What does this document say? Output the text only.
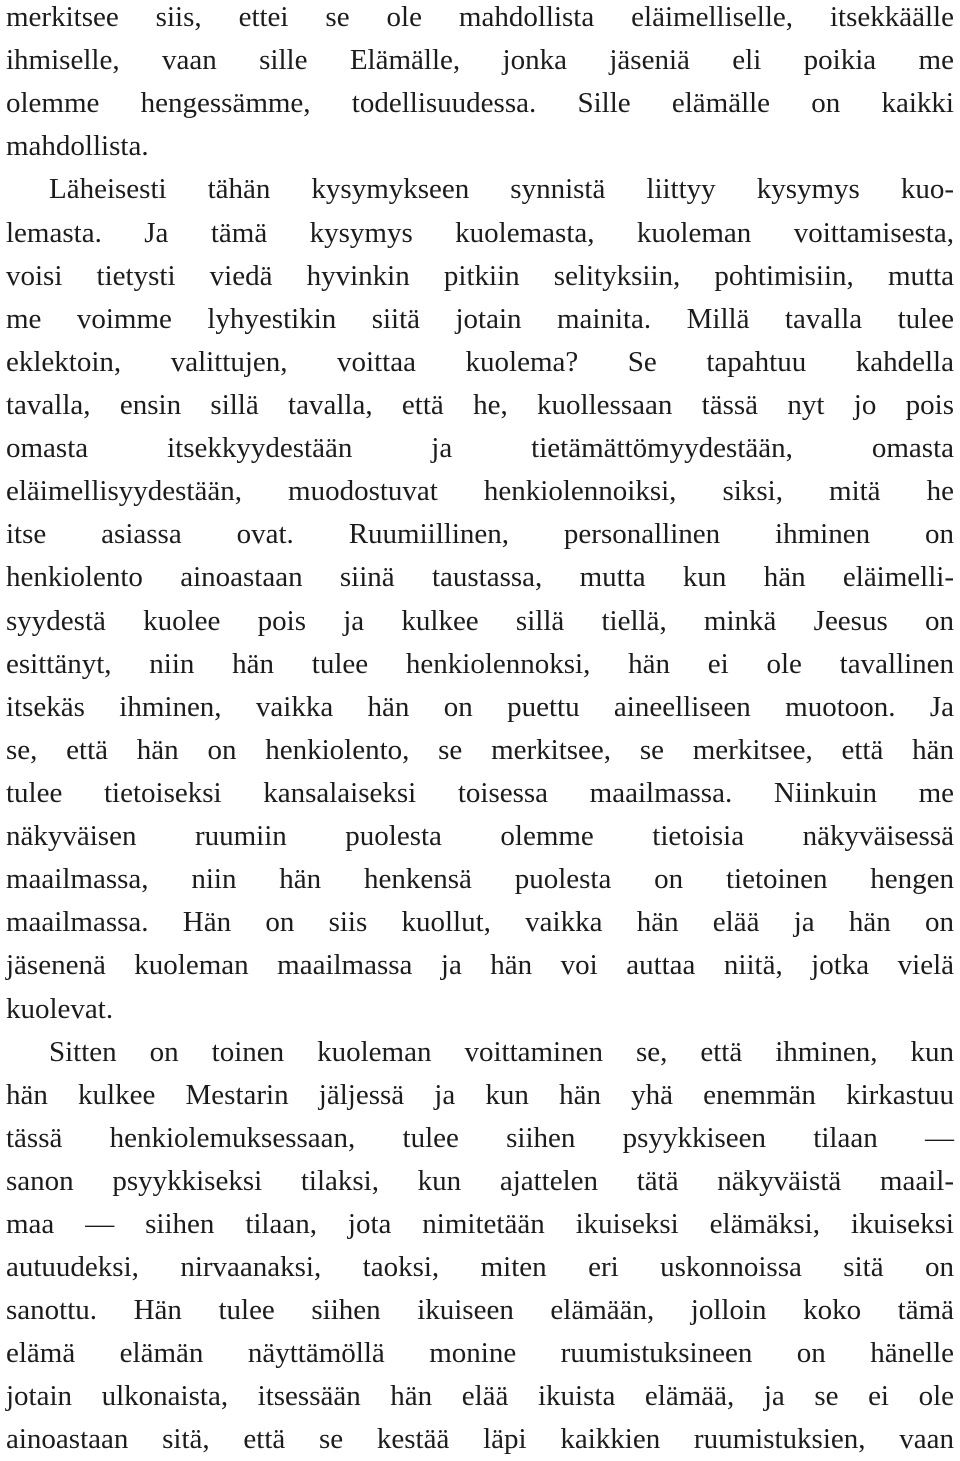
merkitsee siis, ettei se ole mahdollista eläimelliselle, itsekkäälle
ihmiselle, vaan sille Elämälle, jonka jäseniä eli poikia me
olemme hengessämme, todellisuudessa. Sille elämälle on kaikki
mahdollista.
Läheisesti tähän kysymykseen synnistä liittyy kysymys kuo-
lemasta. Ja tämä kysymys kuolemasta, kuoleman voittamisesta,
voisi tietysti viedä hyvinkin pitkiin selityksiin, pohtimisiin, mutta
me voimme lyhyestikin siitä jotain mainita. Millä tavalla tulee
eklektoin, valittujen, voittaa kuolema? Se tapahtuu kahdella
tavalla, ensin sillä tavalla, että he, kuollessaan tässä nyt jo pois
omasta itsekkyydestään ja tietämättömyydestään, omasta
eläimellisyydestään, muodostuvat henkiolennoiksi, siksi, mitä he
itse asiassa ovat. Ruumiillinen, personallinen ihminen on
henkiolento ainoastaan siinä taustassa, mutta kun hän eläimelli-
syydestä kuolee pois ja kulkee sillä tiellä, minkä Jeesus on
esittänyt, niin hän tulee henkiolennoksi, hän ei ole tavallinen
itsekäs ihminen, vaikka hän on puettu aineelliseen muotoon. Ja
se, että hän on henkiolento, se merkitsee, se merkitsee, että hän
tulee tietoiseksi kansalaiseksi toisessa maailmassa. Niinkuin me
näkyväisen ruumiin puolesta olemme tietoisia näkyväisessä
maailmassa, niin hän henkensä puolesta on tietoinen hengen
maailmassa. Hän on siis kuollut, vaikka hän elää ja hän on
jäsenenä kuoleman maailmassa ja hän voi auttaa niitä, jotka vielä
kuolevat.
Sitten on toinen kuoleman voittaminen se, että ihminen, kun
hän kulkee Mestarin jäljessä ja kun hän yhä enemmän kirkastuu
tässä henkiolemuksessaan, tulee siihen psyykkiseen tilaan —
sanon psyykkiseksi tilaksi, kun ajattelen tätä näkyväistä maail-
maa — siihen tilaan, jota nimitetään ikuiseksi elämäksi, ikuiseksi
autuudeksi, nirvaanaksi, taoksi, miten eri uskonnoissa sitä on
sanottu. Hän tulee siihen ikuiseen elämään, jolloin koko tämä
elämä elämän näyttämöllä monine ruumistuksineen on hänelle
jotain ulkonaista, itsessään hän elää ikuista elämää, ja se ei ole
ainoastaan sitä, että se kestää läpi kaikkien ruumistuksien, vaan
